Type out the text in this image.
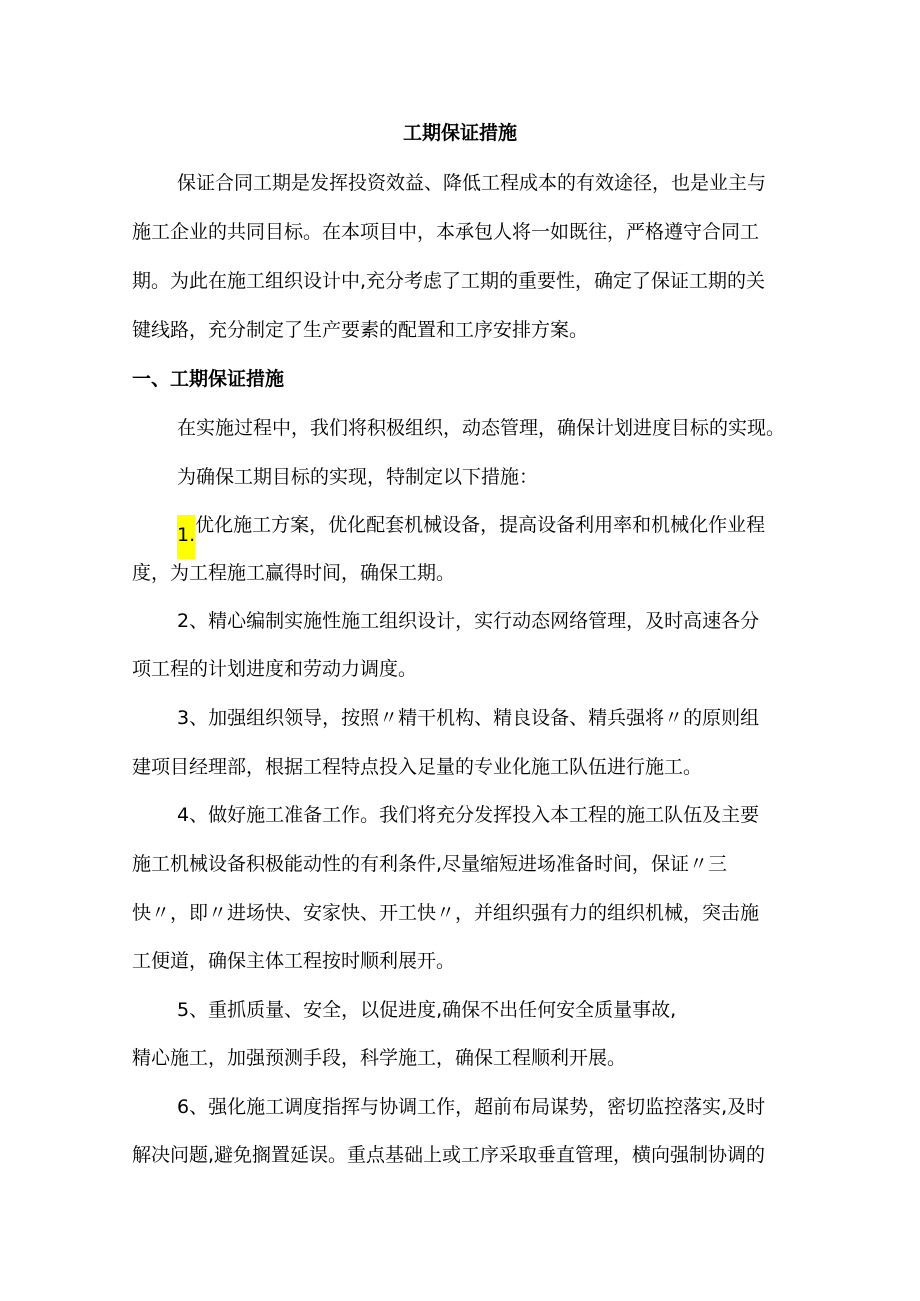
工期保证措施
保证合同工期是发挥投资效益、降低工程成本的有效途径，也是业主与
施工企业的共同目标。在本项目中，本承包人将一如既往，严格遵守合同工
期。为此在施工组织设计中,充分考虑了工期的重要性，确定了保证工期的关
键线路，充分制定了生产要素的配置和工序安排方案。
一、工期保证措施
在实施过程中，我们将积极组织，动态管理，确保计划进度目标的实现。
为确保工期目标的实现，特制定以下措施：
1.优化施工方案，优化配套机械设备，提高设备利用率和机械化作业程
度，为工程施工赢得时间，确保工期。
2、精心编制实施性施工组织设计，实行动态网络管理，及时高速各分
项工程的计划进度和劳动力调度。
3、加强组织领导，按照〃精干机构、精良设备、精兵强将〃的原则组
建项目经理部，根据工程特点投入足量的专业化施工队伍进行施工。
4、做好施工准备工作。我们将充分发挥投入本工程的施工队伍及主要
施工机械设备积极能动性的有利条件,尽量缩短进场准备时间，保证〃三
快〃，即〃进场快、安家快、开工快〃，并组织强有力的组织机械，突击施
工便道，确保主体工程按时顺利展开。
5、重抓质量、安全，以促进度,确保不出任何安全质量事故,
精心施工，加强预测手段，科学施工，确保工程顺利开展。
6、强化施工调度指挥与协调工作，超前布局谋势，密切监控落实,及时
解决问题,避免搁置延误。重点基础上或工序采取垂直管理，横向强制协调的
